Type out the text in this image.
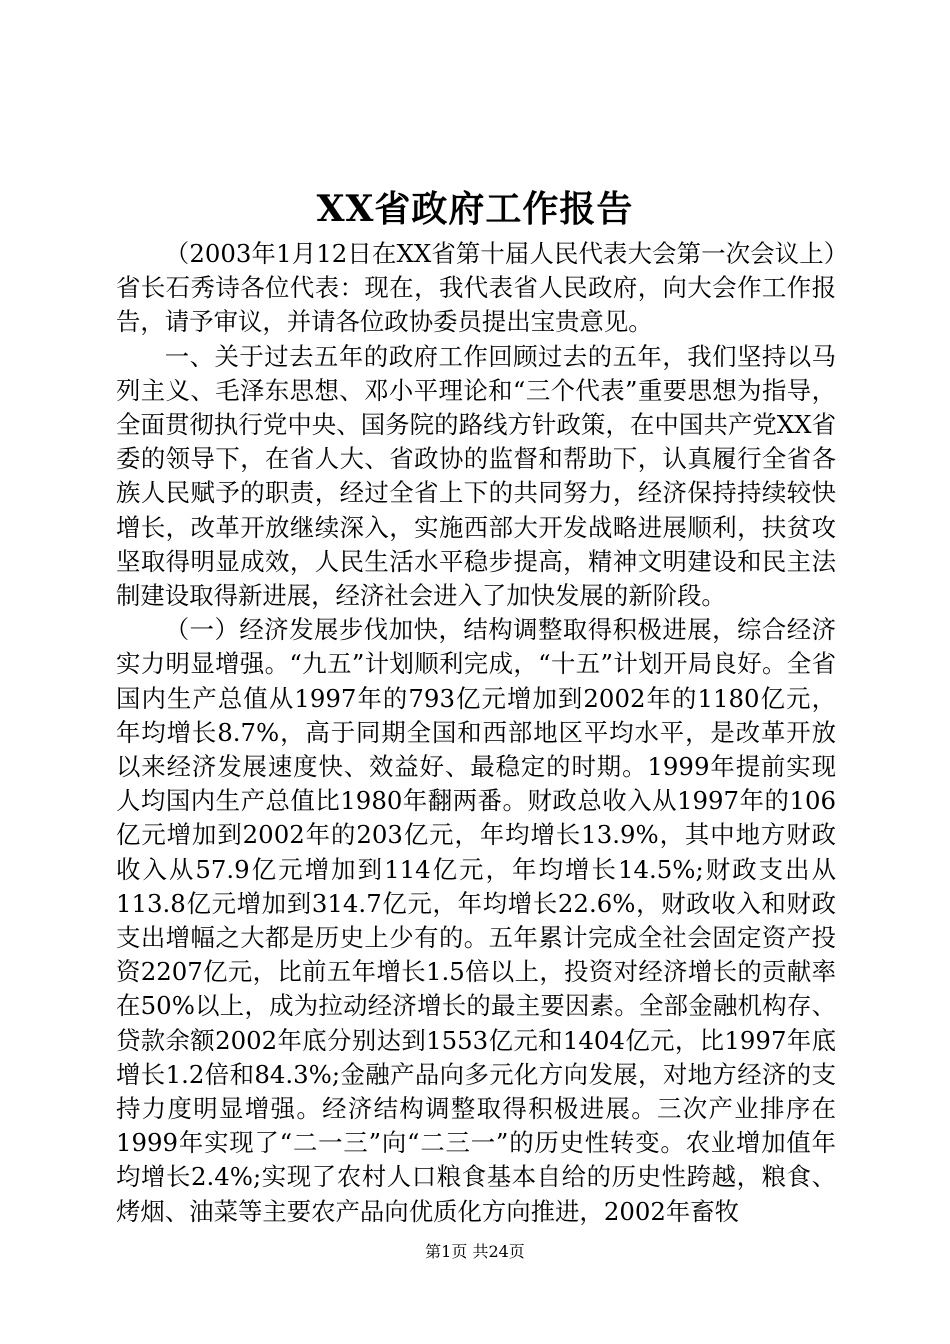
XX省政府工作报告

（2003年1月12日在XX省第十届人民代表大会第一次会议上）省长石秀诗各位代表：现在，我代表省人民政府，向大会作工作报告，请予审议，并请各位政协委员提出宝贵意见。

一、关于过去五年的政府工作回顾过去的五年，我们坚持以马列主义、毛泽东思想、邓小平理论和“三个代表”重要思想为指导，全面贯彻执行党中央、国务院的路线方针政策，在中国共产党XX省委的领导下，在省人大、省政协的监督和帮助下，认真履行全省各族人民赋予的职责，经过全省上下的共同努力，经济保持持续较快增长，改革开放继续深入，实施西部大开发战略进展顺利，扶贫攻坚取得明显成效，人民生活水平稳步提高，精神文明建设和民主法制建设取得新进展，经济社会进入了加快发展的新阶段。

（一）经济发展步伐加快，结构调整取得积极进展，综合经济实力明显增强。“九五”计划顺利完成，“十五”计划开局良好。全省国内生产总值从1997年的793亿元增加到2002年的1180亿元，年均增长8.7%，高于同期全国和西部地区平均水平，是改革开放以来经济发展速度快、效益好、最稳定的时期。1999年提前实现人均国内生产总值比1980年翻两番。财政总收入从1997年的106亿元增加到2002年的203亿元，年均增长13.9%，其中地方财政收入从57.9亿元增加到114亿元，年均增长14.5%;财政支出从113.8亿元增加到314.7亿元，年均增长22.6%，财政收入和财政支出增幅之大都是历史上少有的。五年累计完成全社会固定资产投资2207亿元，比前五年增长1.5倍以上，投资对经济增长的贡献率在50%以上，成为拉动经济增长的最主要因素。全部金融机构存、贷款余额2002年底分别达到1553亿元和1404亿元，比1997年底增长1.2倍和84.3%;金融产品向多元化方向发展，对地方经济的支持力度明显增强。经济结构调整取得积极进展。三次产业排序在1999年实现了“二一三”向“二三一”的历史性转变。农业增加值年均增长2.4%;实现了农村人口粮食基本自给的历史性跨越，粮食、烤烟、油菜等主要农产品向优质化方向推进，2002年畜牧

第1页 共24页
